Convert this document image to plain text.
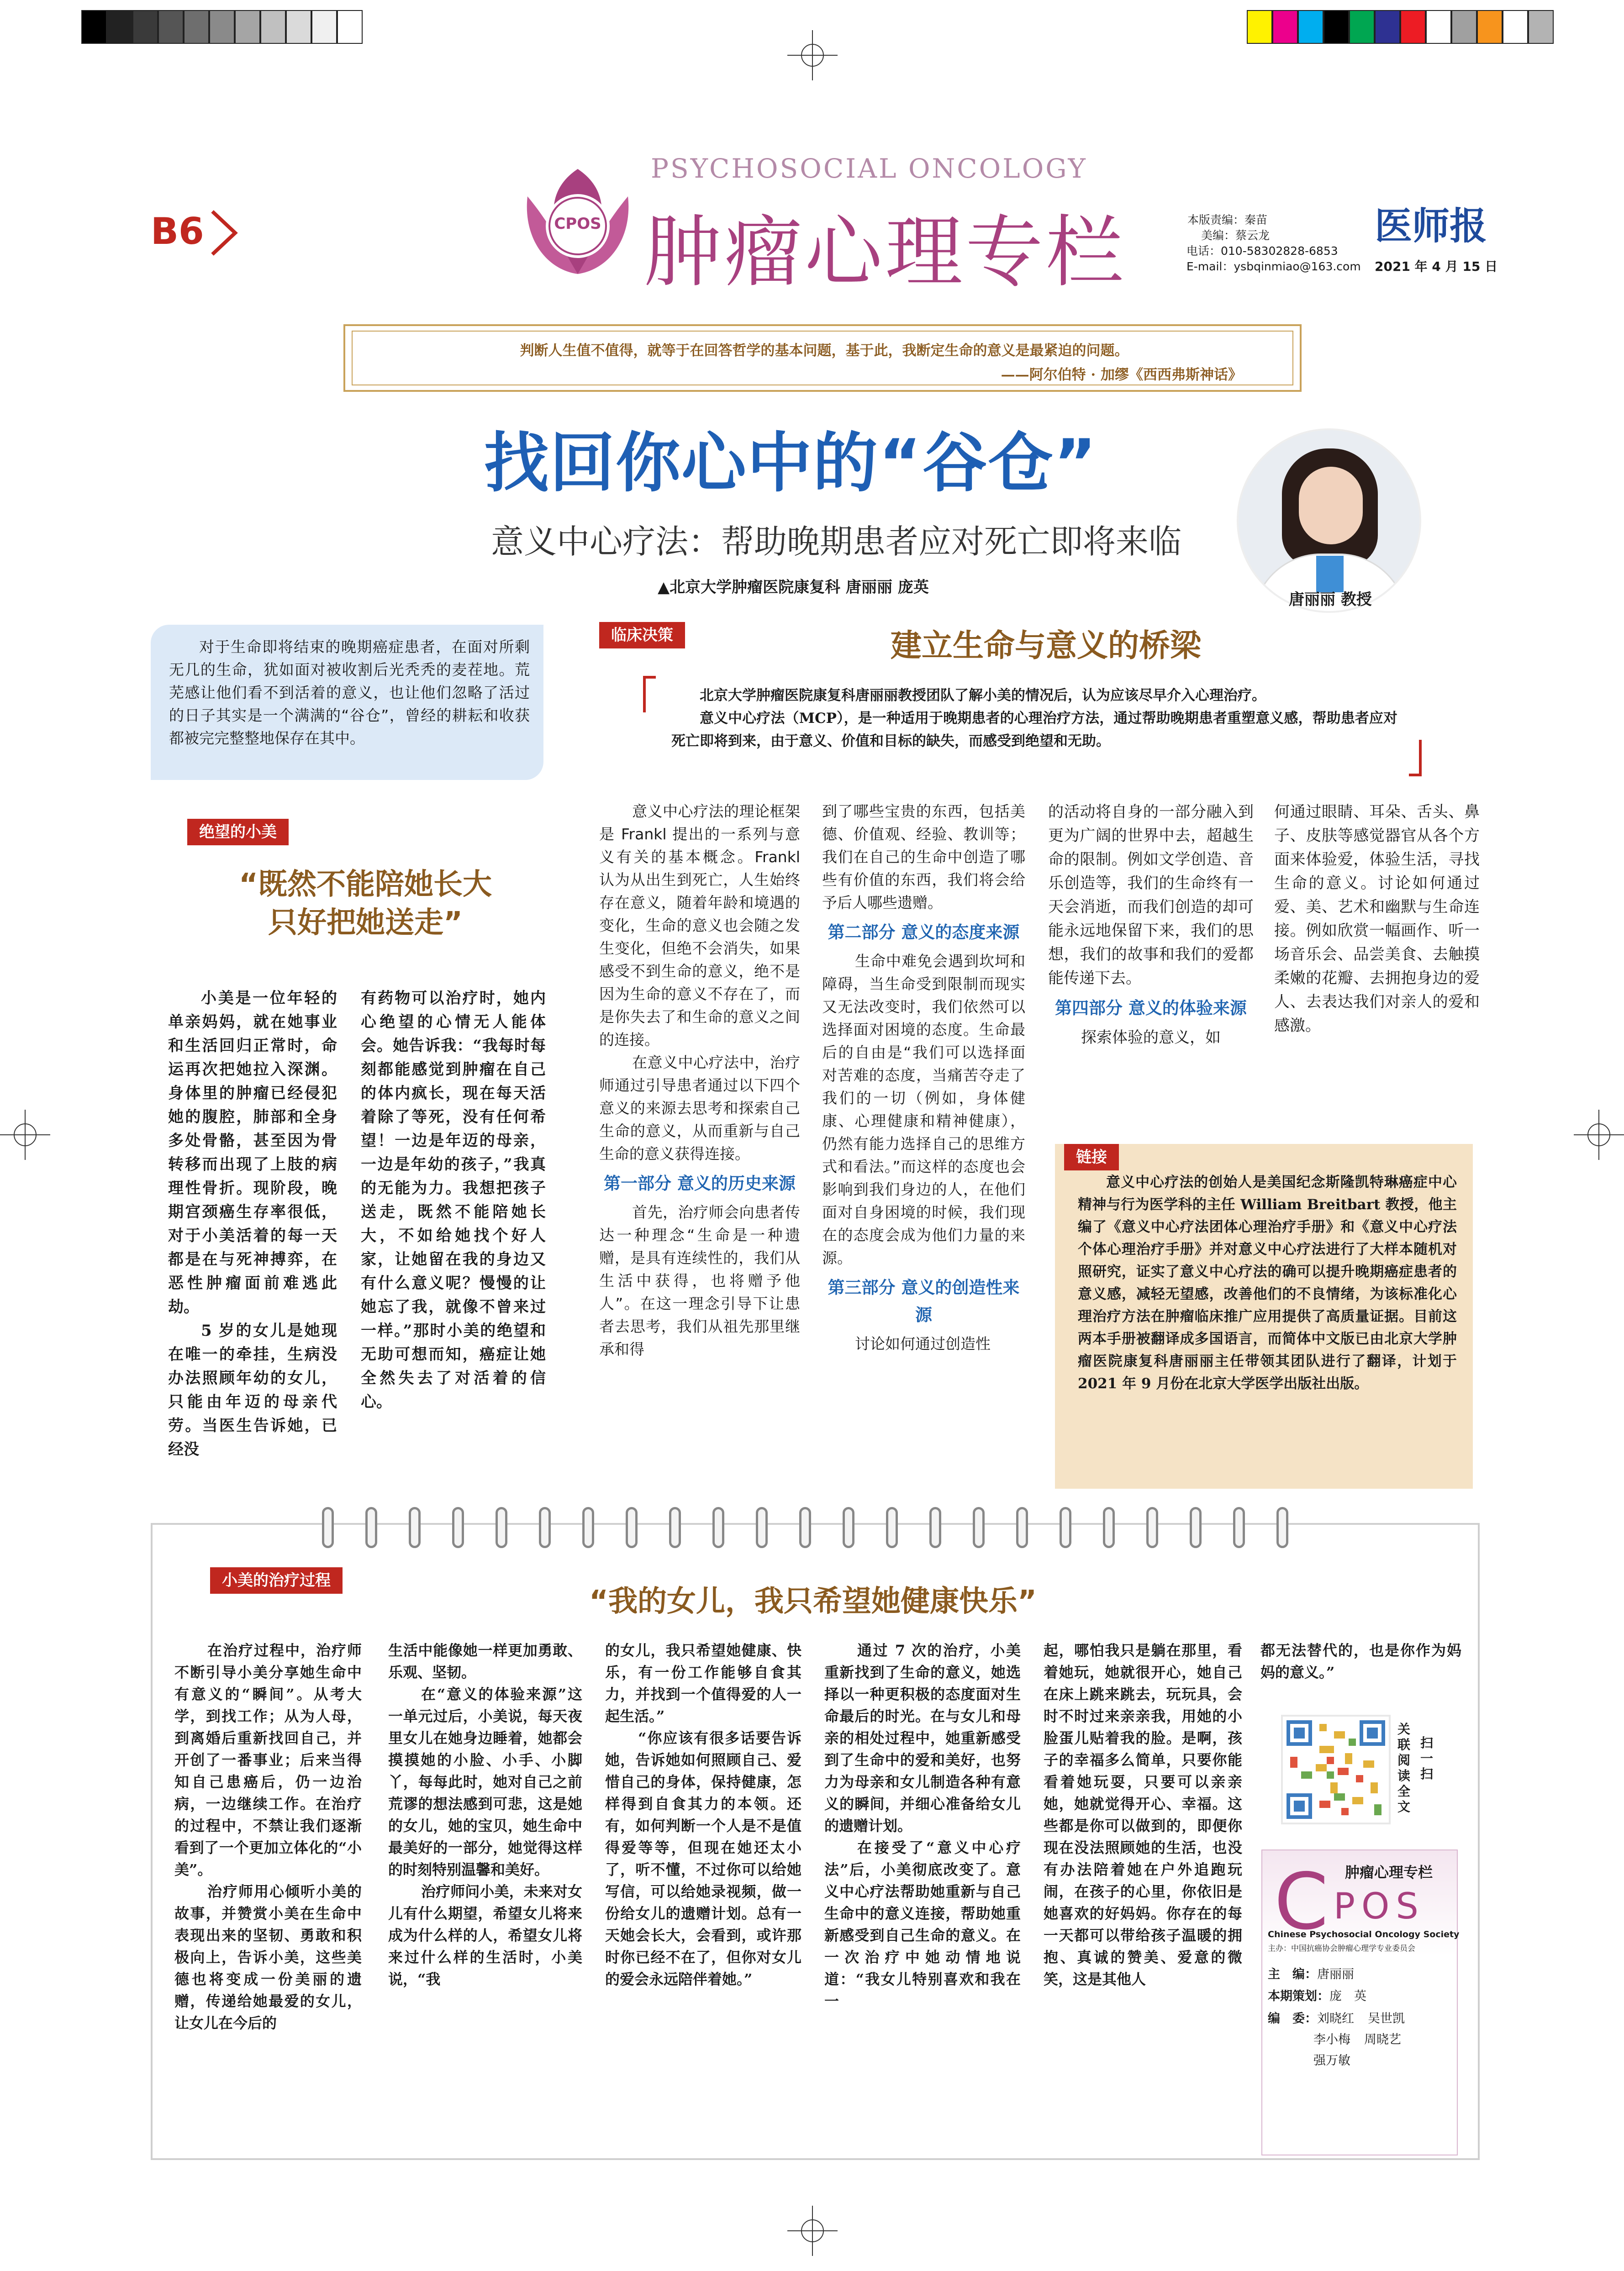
B6	CPOS
PSYCHOSOCIAL ONCOLOGY
肿瘤心理专栏	本版责编：秦苗
美编：蔡云龙
电话：010-58302828-6853
E-mail：ysbqinmiao@163.com
医师报
2021 年 4 月 15 日
判断人生值不值得，就等于在回答哲学的基本问题，基于此，我断定生命的意义是最紧迫的问题。
——阿尔伯特 · 加缪《西西弗斯神话》
找回你心中的“谷仓”
意义中心疗法：帮助晚期患者应对死亡即将来临
▲北京大学肿瘤医院康复科 唐丽丽 庞英
唐丽丽 教授
对于生命即将结束的晚期癌症患者，在面对所剩无几的生命，犹如面对被收割后光秃秃的麦茬地。荒芜感让他们看不到活着的意义，也让他们忽略了活过的日子其实是一个满满的“谷仓”，曾经的耕耘和收获都被完完整整地保存在其中。
临床决策	建立生命与意义的桥梁
北京大学肿瘤医院康复科唐丽丽教授团队了解小美的情况后，认为应该尽早介入心理治疗。
意义中心疗法（MCP），是一种适用于晚期患者的心理治疗方法，通过帮助晚期患者重塑意义感，帮助患者应对死亡即将到来，由于意义、价值和目标的缺失，而感受到绝望和无助。
绝望的小美
“既然不能陪她长大
只好把她送走”

小美是一位年轻的单亲妈妈，就在她事业和生活回归正常时，命运再次把她拉入深渊。身体里的肿瘤已经侵犯她的腹腔，肺部和全身多处骨骼，甚至因为骨转移而出现了上肢的病理性骨折。现阶段，晚期宫颈癌生存率很低，对于小美活着的每一天都是在与死神搏弈，在恶性肿瘤面前难逃此劫。

5 岁的女儿是她现在唯一的牵挂，生病没办法照顾年幼的女儿，只能由年迈的母亲代劳。当医生告诉她，已经没

有药物可以治疗时，她内心绝望的心情无人能体会。她告诉我：“我每时每刻都能感觉到肿瘤在自己的体内疯长，现在每天活着除了等死，没有任何希望！一边是年迈的母亲，一边是年幼的孩子，”我真的无能为力。我想把孩子送走，既然不能陪她长大，不如给她找个好人家，让她留在我的身边又有什么意义呢？慢慢的让她忘了我，就像不曾来过一样。”那时小美的绝望和无助可想而知，癌症让她全然失去了对活着的信心。

意义中心疗法的理论框架是 Frankl 提出的一系列与意义有关的基本概念。Frankl 认为从出生到死亡，人生始终存在意义，随着年龄和境遇的变化，生命的意义也会随之发生变化，但绝不会消失，如果感受不到生命的意义，绝不是因为生命的意义不存在了，而是你失去了和生命的意义之间的连接。

在意义中心疗法中，治疗师通过引导患者通过以下四个意义的来源去思考和探索自己生命的意义，从而重新与自己生命的意义获得连接。

第一部分 意义的历史来源

首先，治疗师会向患者传达一种理念“生命是一种遗赠，是具有连续性的，我们从生活中获得，也将赠予他人”。在这一理念引导下让患者去思考，我们从祖先那里继承和得

到了哪些宝贵的东西，包括美德、价值观、经验、教训等；我们在自己的生命中创造了哪些有价值的东西，我们将会给予后人哪些遗赠。

第二部分 意义的态度来源

生命中难免会遇到坎坷和障碍，当生命受到限制而现实又无法改变时，我们依然可以选择面对困境的态度。生命最后的自由是“我们可以选择面对苦难的态度，当痛苦夺走了我们的一切（例如，身体健康、心理健康和精神健康），仍然有能力选择自己的思维方式和看法。”而这样的态度也会影响到我们身边的人，在他们面对自身困境的时候，我们现在的态度会成为他们力量的来源。

第三部分 意义的创造性来源

讨论如何通过创造性

的活动将自身的一部分融入到更为广阔的世界中去，超越生命的限制。例如文学创造、音乐创造等，我们的生命终有一天会消逝，而我们创造的却可能永远地保留下来，我们的思想，我们的故事和我们的爱都能传递下去。

第四部分 意义的体验来源

探索体验的意义，如

何通过眼睛、耳朵、舌头、鼻子、皮肤等感觉器官从各个方面来体验爱，体验生活，寻找生命的意义。讨论如何通过爱、美、艺术和幽默与生命连接。例如欣赏一幅画作、听一场音乐会、品尝美食、去触摸柔嫩的花瓣、去拥抱身边的爱人、去表达我们对亲人的爱和感激。

链接
意义中心疗法的创始人是美国纪念斯隆凯特琳癌症中心精神与行为医学科的主任 William Breitbart 教授，他主编了《意义中心疗法团体心理治疗手册》和《意义中心疗法个体心理治疗手册》并对意义中心疗法进行了大样本随机对照研究，证实了意义中心疗法的确可以提升晚期癌症患者的意义感，减轻无望感，改善他们的不良情绪，为该标准化心理治疗方法在肿瘤临床推广应用提供了高质量证据。目前这两本手册被翻译成多国语言，而简体中文版已由北京大学肿瘤医院康复科唐丽丽主任带领其团队进行了翻译，计划于 2021 年 9 月份在北京大学医学出版社出版。
小美的治疗过程
“我的女儿，我只希望她健康快乐”

在治疗过程中，治疗师不断引导小美分享她生命中有意义的“瞬间”。从考大学，到找工作；从为人母，到离婚后重新找回自己，并开创了一番事业；后来当得知自己患癌后，仍一边治病，一边继续工作。在治疗的过程中，不禁让我们逐渐看到了一个更加立体化的“小美”。

治疗师用心倾听小美的故事，并赞赏小美在生命中表现出来的坚韧、勇敢和积极向上，告诉小美，这些美德也将变成一份美丽的遗赠，传递给她最爱的女儿，让女儿在今后的

生活中能像她一样更加勇敢、乐观、坚韧。

在“意义的体验来源”这一单元过后，小美说，每天夜里女儿在她身边睡着，她都会摸摸她的小脸、小手、小脚丫，每每此时，她对自己之前荒谬的想法感到可悲，这是她的女儿，她的宝贝，她生命中最美好的一部分，她觉得这样的时刻特别温馨和美好。

治疗师问小美，未来对女儿有什么期望，希望女儿将来成为什么样的人，希望女儿将来过什么样的生活时，小美说，“我

的女儿，我只希望她健康、快乐，有一份工作能够自食其力，并找到一个值得爱的人一起生活。”

“你应该有很多话要告诉她，告诉她如何照顾自己、爱惜自己的身体，保持健康，怎样得到自食其力的本领。还有，如何判断一个人是不是值得爱等等，但现在她还太小了，听不懂，不过你可以给她写信，可以给她录视频，做一份给女儿的遗赠计划。总有一天她会长大，会看到，或许那时你已经不在了，但你对女儿的爱会永远陪伴着她。”

通过 7 次的治疗，小美重新找到了生命的意义，她选择以一种更积极的态度面对生命最后的时光。在与女儿和母亲的相处过程中，她重新感受到了生命中的爱和美好，也努力为母亲和女儿制造各种有意义的瞬间，并细心准备给女儿的遗赠计划。

在接受了“意义中心疗法”后，小美彻底改变了。意义中心疗法帮助她重新与自己生命中的意义连接，帮助她重新感受到自己生命的意义。在一次治疗中她动情地说道：“我女儿特别喜欢和我在一

起，哪怕我只是躺在那里，看着她玩，她就很开心，她自己在床上跳来跳去，玩玩具，会时不时过来亲亲我，用她的小脸蛋儿贴着我的脸。是啊，孩子的幸福多么简单，只要你能看着她玩耍，只要可以亲亲她，她就觉得开心、幸福。这些都是你可以做到的，即便你现在没法照顾她的生活，也没有办法陪着她在户外追跑玩闹，在孩子的心里，你依旧是她喜欢的好妈妈。你存在的每一天都可以带给孩子温暖的拥抱、真诚的赞美、爱意的微笑，这是其他人

都无法替代的，也是你作为妈妈的意义。”

扫一扫
关联阅读全文
肿瘤心理专栏
C POS
Chinese Psychosocial Oncology Society
主办：中国抗癌协会肿瘤心理学专业委员会
主　编：唐丽丽
本期策划：庞　英
编　委：刘晓红 吴世凯
李小梅 周晓艺
强万敏
